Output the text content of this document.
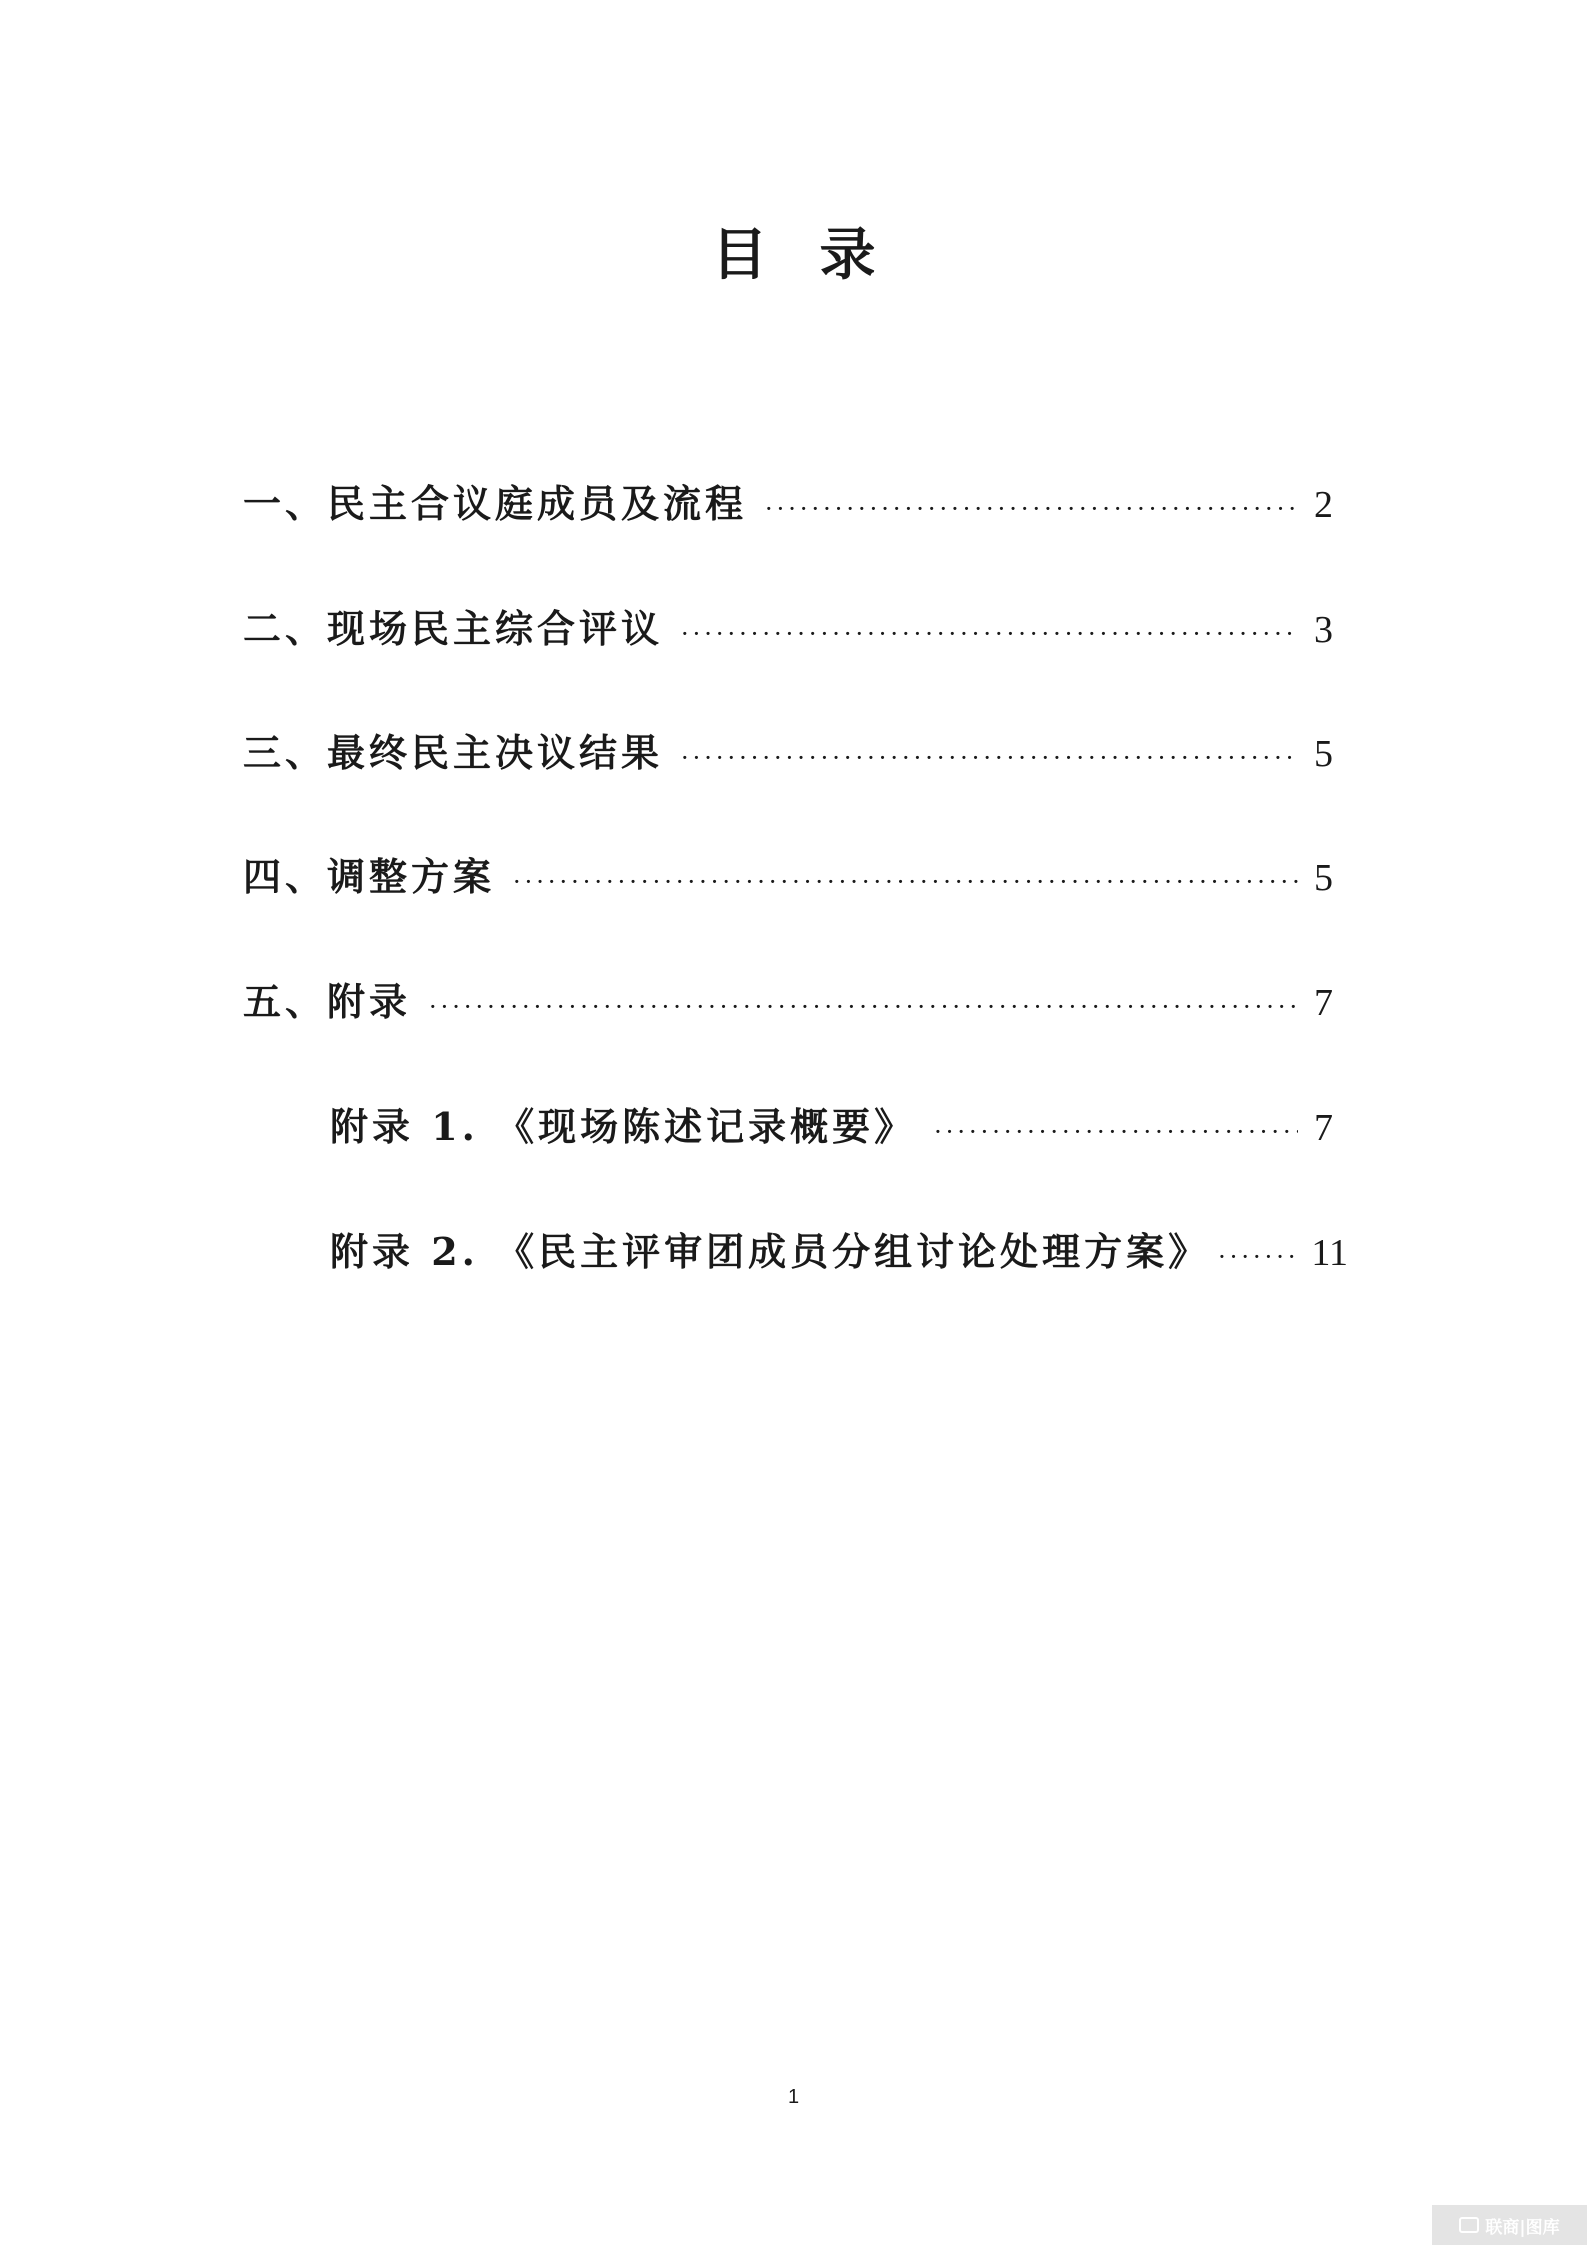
目录
一、民主合议庭成员及流程 ·····	2
二、现场民主综合评议 ·····	3
三、最终民主决议结果 ·····	5
四、调整方案 ·····	5
五、附录 ·····	7
附录 1. 《现场陈述记录概要》 ·····	7
附录 2. 《民主评审团成员分组讨论处理方案》 ·····	11
1
联商|图库
